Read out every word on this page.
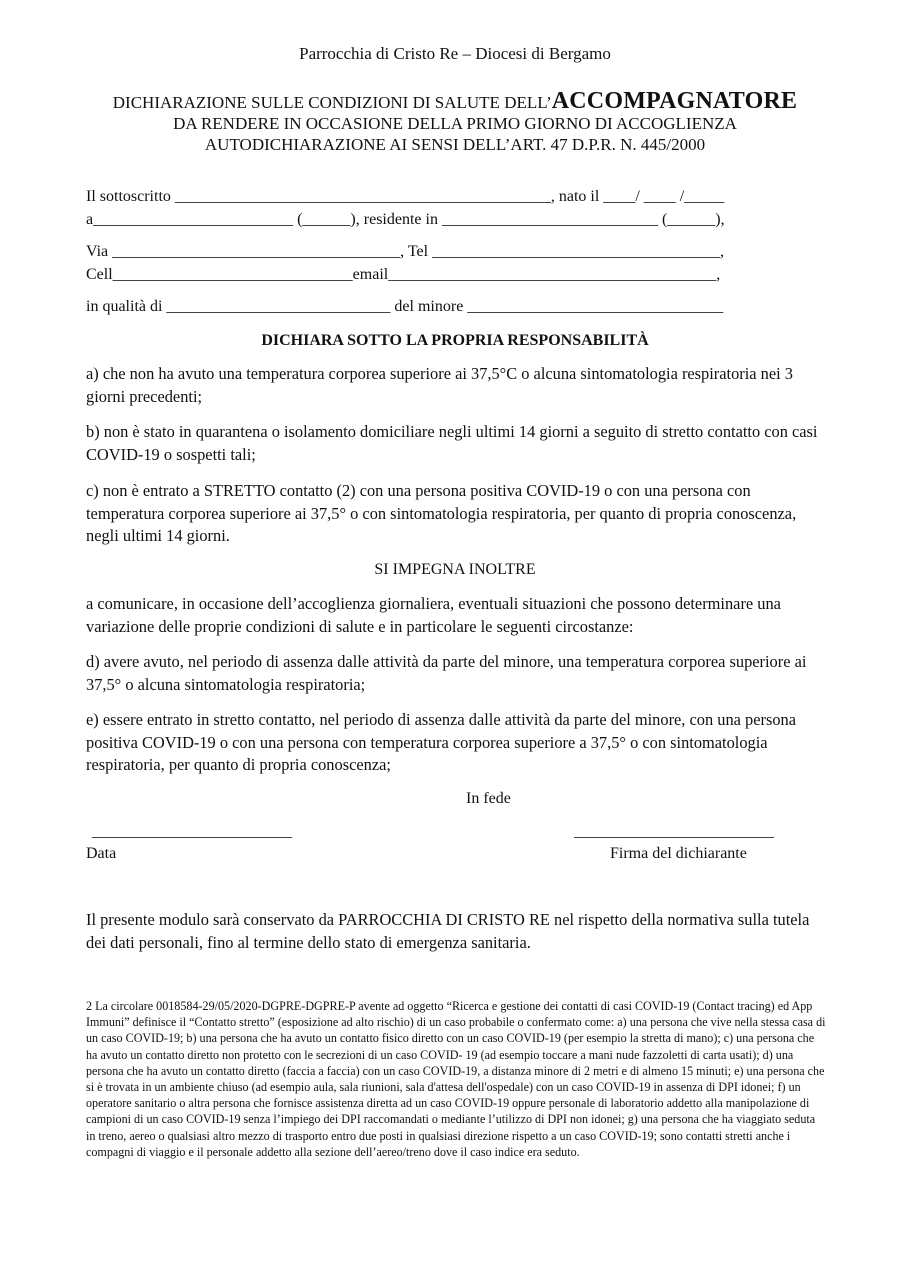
Parrocchia di Cristo Re – Diocesi di Bergamo
DICHIARAZIONE SULLE CONDIZIONI DI SALUTE DELL’ACCOMPAGNATORE
DA RENDERE IN OCCASIONE DELLA PRIMO GIORNO DI ACCOGLIENZA
AUTODICHIARAZIONE AI SENSI DELL’ART. 47 D.P.R. N. 445/2000
Il sottoscritto _______________________________________________, nato il ____/ ____ /_____
a_________________________ (______), residente in ___________________________ (______),
Via ____________________________________, Tel ____________________________________,
Cell______________________________email_________________________________________,
in qualità di ____________________________ del minore ________________________________
DICHIARA SOTTO LA PROPRIA RESPONSABILITÀ
a) che non ha avuto una temperatura corporea superiore ai 37,5°C o alcuna sintomatologia respiratoria nei 3 giorni precedenti;
b) non è stato in quarantena o isolamento domiciliare negli ultimi 14 giorni a seguito di stretto contatto con casi COVID-19 o sospetti tali;
c) non è entrato a STRETTO contatto (2) con una persona positiva COVID-19 o con una persona con temperatura corporea superiore ai 37,5° o con sintomatologia respiratoria, per quanto di propria conoscenza, negli ultimi 14 giorni.
SI IMPEGNA INOLTRE
a comunicare, in occasione dell’accoglienza giornaliera, eventuali situazioni che possono determinare una variazione delle proprie condizioni di salute e in particolare le seguenti circostanze:
d) avere avuto, nel periodo di assenza dalle attività da parte del minore, una temperatura corporea superiore ai 37,5° o alcuna sintomatologia respiratoria;
e) essere entrato in stretto contatto, nel periodo di assenza dalle attività da parte del minore, con una persona positiva COVID-19 o con una persona con temperatura corporea superiore a 37,5° o con sintomatologia respiratoria, per quanto di propria conoscenza;
In fede
_________________________
Data
_________________________
Firma del dichiarante
Il presente modulo sarà conservato da PARROCCHIA DI CRISTO RE nel rispetto della normativa sulla tutela dei dati personali, fino al termine dello stato di emergenza sanitaria.
2 La circolare 0018584-29/05/2020-DGPRE-DGPRE-P avente ad oggetto “Ricerca e gestione dei contatti di casi COVID-19 (Contact tracing) ed App Immuni” definisce il “Contatto stretto” (esposizione ad alto rischio) di un caso probabile o confermato come: a) una persona che vive nella stessa casa di un caso COVID-19; b) una persona che ha avuto un contatto fisico diretto con un caso COVID-19 (per esempio la stretta di mano); c) una persona che ha avuto un contatto diretto non protetto con le secrezioni di un caso COVID- 19 (ad esempio toccare a mani nude fazzoletti di carta usati); d) una persona che ha avuto un contatto diretto (faccia a faccia) con un caso COVID-19, a distanza minore di 2 metri e di almeno 15 minuti; e) una persona che si è trovata in un ambiente chiuso (ad esempio aula, sala riunioni, sala d'attesa dell'ospedale) con un caso COVID-19 in assenza di DPI idonei; f) un operatore sanitario o altra persona che fornisce assistenza diretta ad un caso COVID-19 oppure personale di laboratorio addetto alla manipolazione di campioni di un caso COVID-19 senza l’impiego dei DPI raccomandati o mediante l’utilizzo di DPI non idonei; g) una persona che ha viaggiato seduta in treno, aereo o qualsiasi altro mezzo di trasporto entro due posti in qualsiasi direzione rispetto a un caso COVID-19; sono contatti stretti anche i compagni di viaggio e il personale addetto alla sezione dell’aereo/treno dove il caso indice era seduto.
